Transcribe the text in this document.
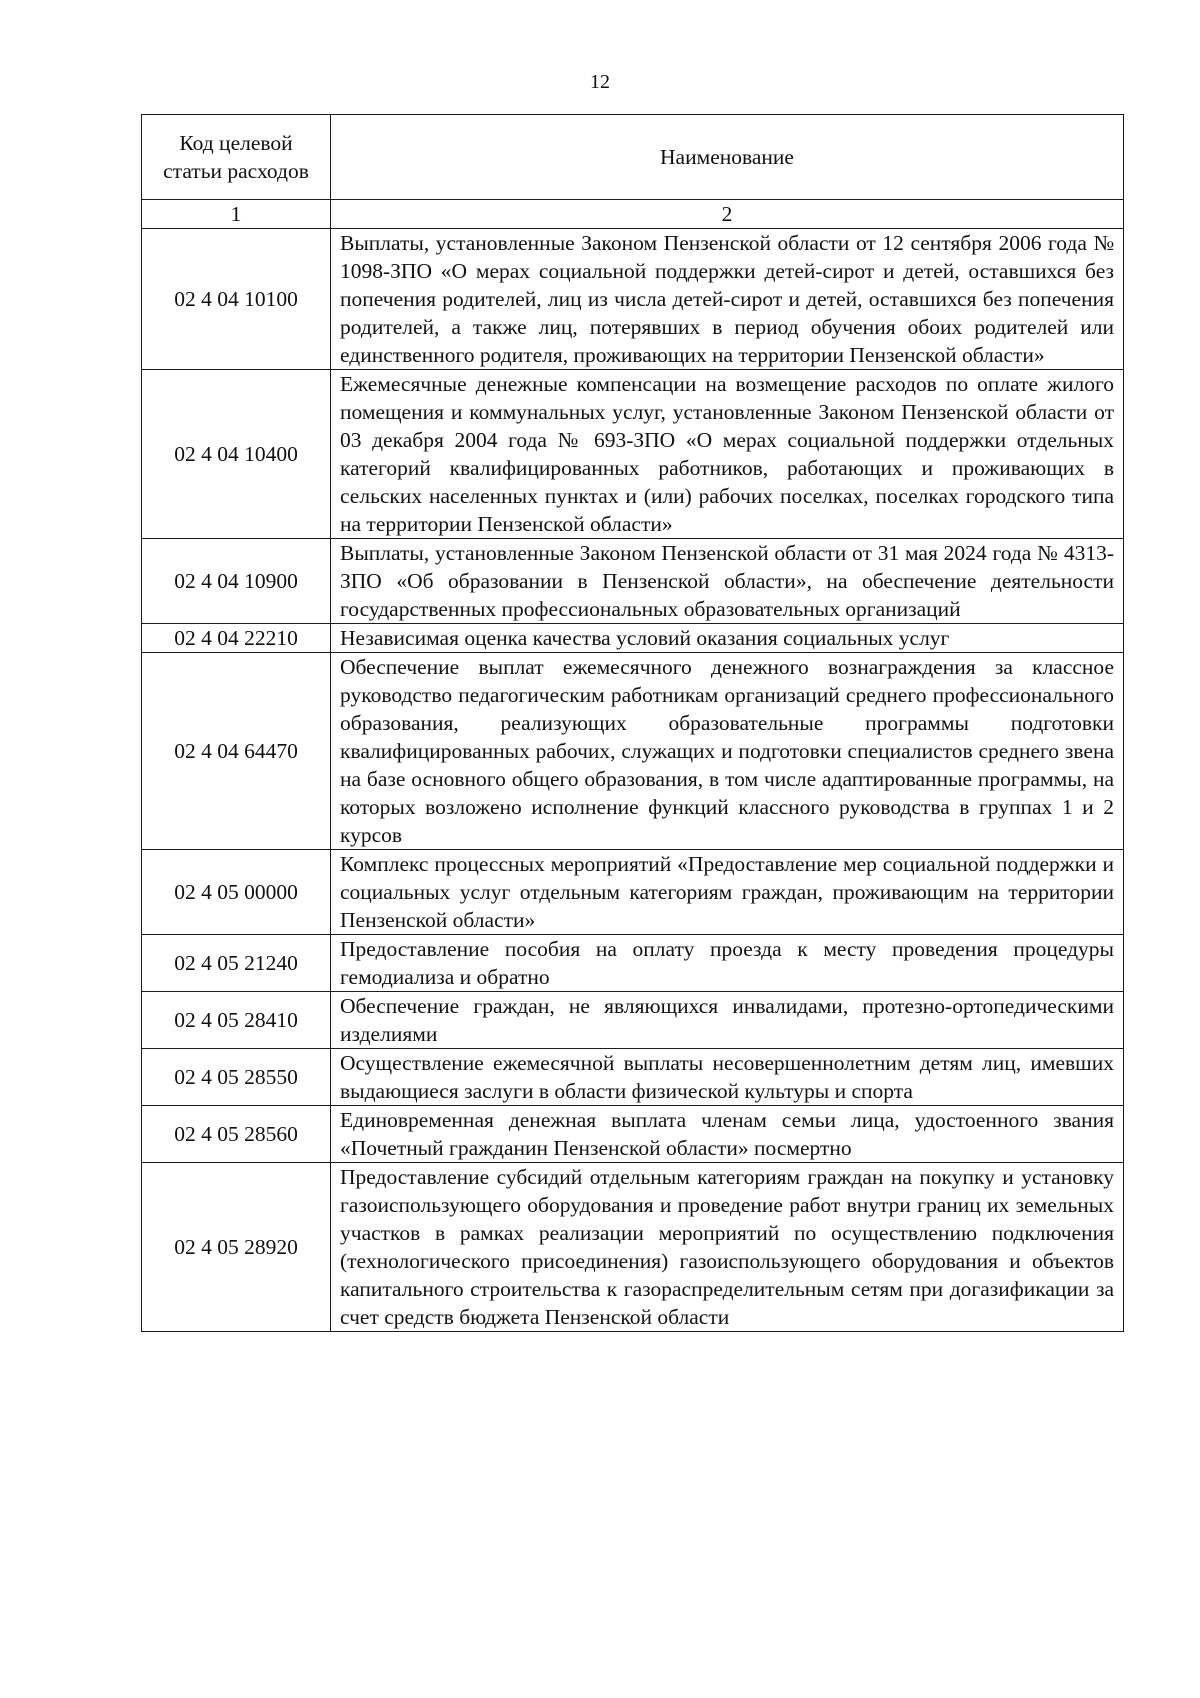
12
Код целевой статьи расходов	Наименование
1	2
02 4 04 10100	Выплаты, установленные Законом Пензенской области от 12 сентября 2006 года № 1098-ЗПО «О мерах социальной поддержки детей-сирот и детей, оставшихся без попечения родителей, лиц из числа детей-сирот и детей, оставшихся без попечения родителей, а также лиц, потерявших в период обучения обоих родителей или единственного родителя, проживающих на территории Пензенской области»
02 4 04 10400	Ежемесячные денежные компенсации на возмещение расходов по оплате жилого помещения и коммунальных услуг, установленные Законом Пензенской области от 03 декабря 2004 года № 693-ЗПО «О мерах социальной поддержки отдельных категорий квалифицированных работников, работающих и проживающих в сельских населенных пунктах и (или) рабочих поселках, поселках городского типа на территории Пензенской области»
02 4 04 10900	Выплаты, установленные Законом Пензенской области от 31 мая 2024 года № 4313-ЗПО «Об образовании в Пензенской области», на обеспечение деятельности государственных профессиональных образовательных организаций
02 4 04 22210	Независимая оценка качества условий оказания социальных услуг
02 4 04 64470	Обеспечение выплат ежемесячного денежного вознаграждения за классное руководство педагогическим работникам организаций среднего профессионального образования, реализующих образовательные программы подготовки квалифицированных рабочих, служащих и подготовки специалистов среднего звена на базе основного общего образования, в том числе адаптированные программы, на которых возложено исполнение функций классного руководства в группах 1 и 2 курсов
02 4 05 00000	Комплекс процессных мероприятий «Предоставление мер социальной поддержки и социальных услуг отдельным категориям граждан, проживающим на территории Пензенской области»
02 4 05 21240	Предоставление пособия на оплату проезда к месту проведения процедуры гемодиализа и обратно
02 4 05 28410	Обеспечение граждан, не являющихся инвалидами, протезно-ортопедическими изделиями
02 4 05 28550	Осуществление ежемесячной выплаты несовершеннолетним детям лиц, имевших выдающиеся заслуги в области физической культуры и спорта
02 4 05 28560	Единовременная денежная выплата членам семьи лица, удостоенного звания «Почетный гражданин Пензенской области» посмертно
02 4 05 28920	Предоставление субсидий отдельным категориям граждан на покупку и установку газоиспользующего оборудования и проведение работ внутри границ их земельных участков в рамках реализации мероприятий по осуществлению подключения (технологического присоединения) газоиспользующего оборудования и объектов капитального строительства к газораспределительным сетям при догазификации за счет средств бюджета Пензенской области
